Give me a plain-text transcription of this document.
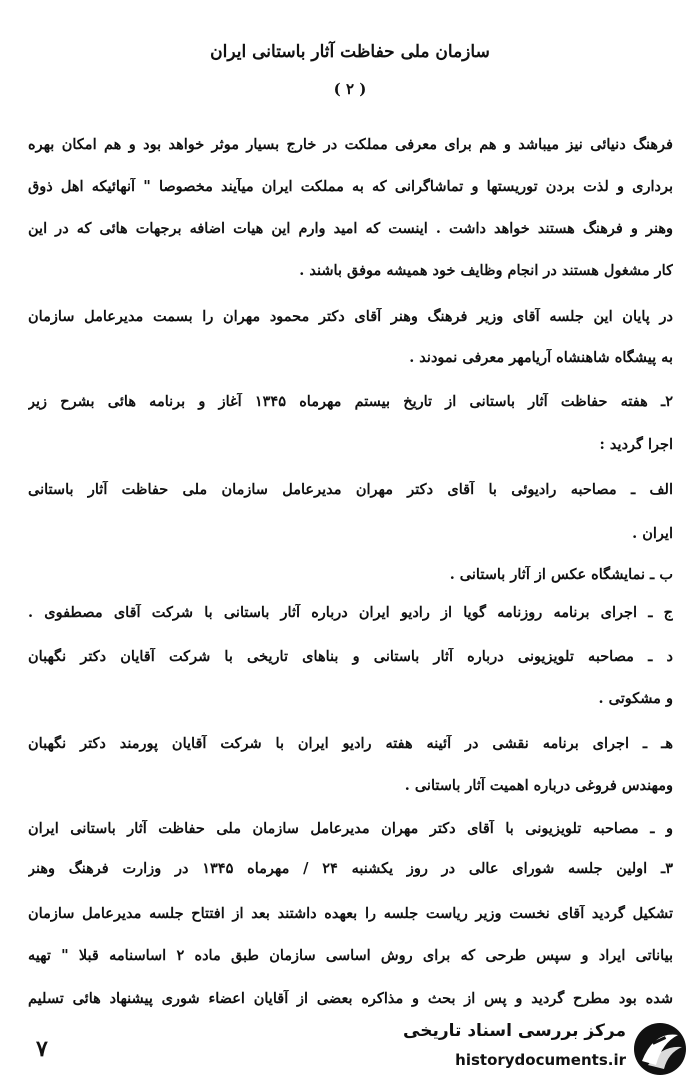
سازمان ملی حفاظت آثار باستانی ایران
( ۲ )
فرهنگ دنیائی نیز میباشد و هم برای معرفی مملکت در خارج بسیار موثر خواهد بود و هم امکان بهره
برداری و لذت بردن توریستها و تماشاگرانی که به مملکت ایران میآیند مخصوصا " آنهائیکه اهل ذوق
وهنر و فرهنگ هستند خواهد داشت . اینست که امید وارم این هیات اضافه برجهات هائی که در این
کار مشغول هستند در انجام وظایف خود همیشه موفق باشند .
در پایان این جلسه آقای وزیر فرهنگ وهنر آقای دکتر محمود مهران را بسمت مدیرعامل سازمان
به پیشگاه شاهنشاه آریامهر معرفی نمودند .
۲ـ هفته حفاظت آثار باستانی از تاریخ بیستم مهرماه ۱۳۴۵ آغاز و برنامه هائی بشرح زیر
اجرا گردید :
الف ـ مصاحبه رادیوئی با آقای دکتر مهران مدیرعامل سازمان ملی حفاظت آثار باستانی
ایران .
ب ـ نمایشگاه عکس از آثار باستانی .
ج ـ اجرای برنامه روزنامه گویا از رادیو ایران درباره آثار باستانی با شرکت آقای مصطفوی .
د ـ مصاحبه تلویزیونی درباره آثار باستانی و بناهای تاریخی با شرکت آقایان دکتر نگهبان
و مشکوتی .
هـ ـ اجرای برنامه نقشی در آئینه هفته رادیو ایران با شرکت آقایان پورمند دکتر نگهبان
ومهندس فروغی درباره اهمیت آثار باستانی .
و ـ مصاحبه تلویزیونی با آقای دکتر مهران مدیرعامل سازمان ملی حفاظت آثار باستانی ایران
۳ـ اولین جلسه شورای عالی در روز یکشنبه ۲۴ / مهرماه ۱۳۴۵ در وزارت فرهنگ وهنر
تشکیل گردید آقای نخست وزیر ریاست جلسه را بعهده داشتند بعد از افتتاح جلسه مدیرعامل سازمان
بیاناتی ایراد و سپس طرحی که برای روش اساسی سازمان طبق ماده ۲ اساسنامه قبلا " تهیه
شده بود مطرح گردید و پس از بحث و مذاکره بعضی از آقایان اعضاء شوری پیشنهاد هائی تسلیم
۷
مرکز بررسی اسناد تاریخی
historydocuments.ir
